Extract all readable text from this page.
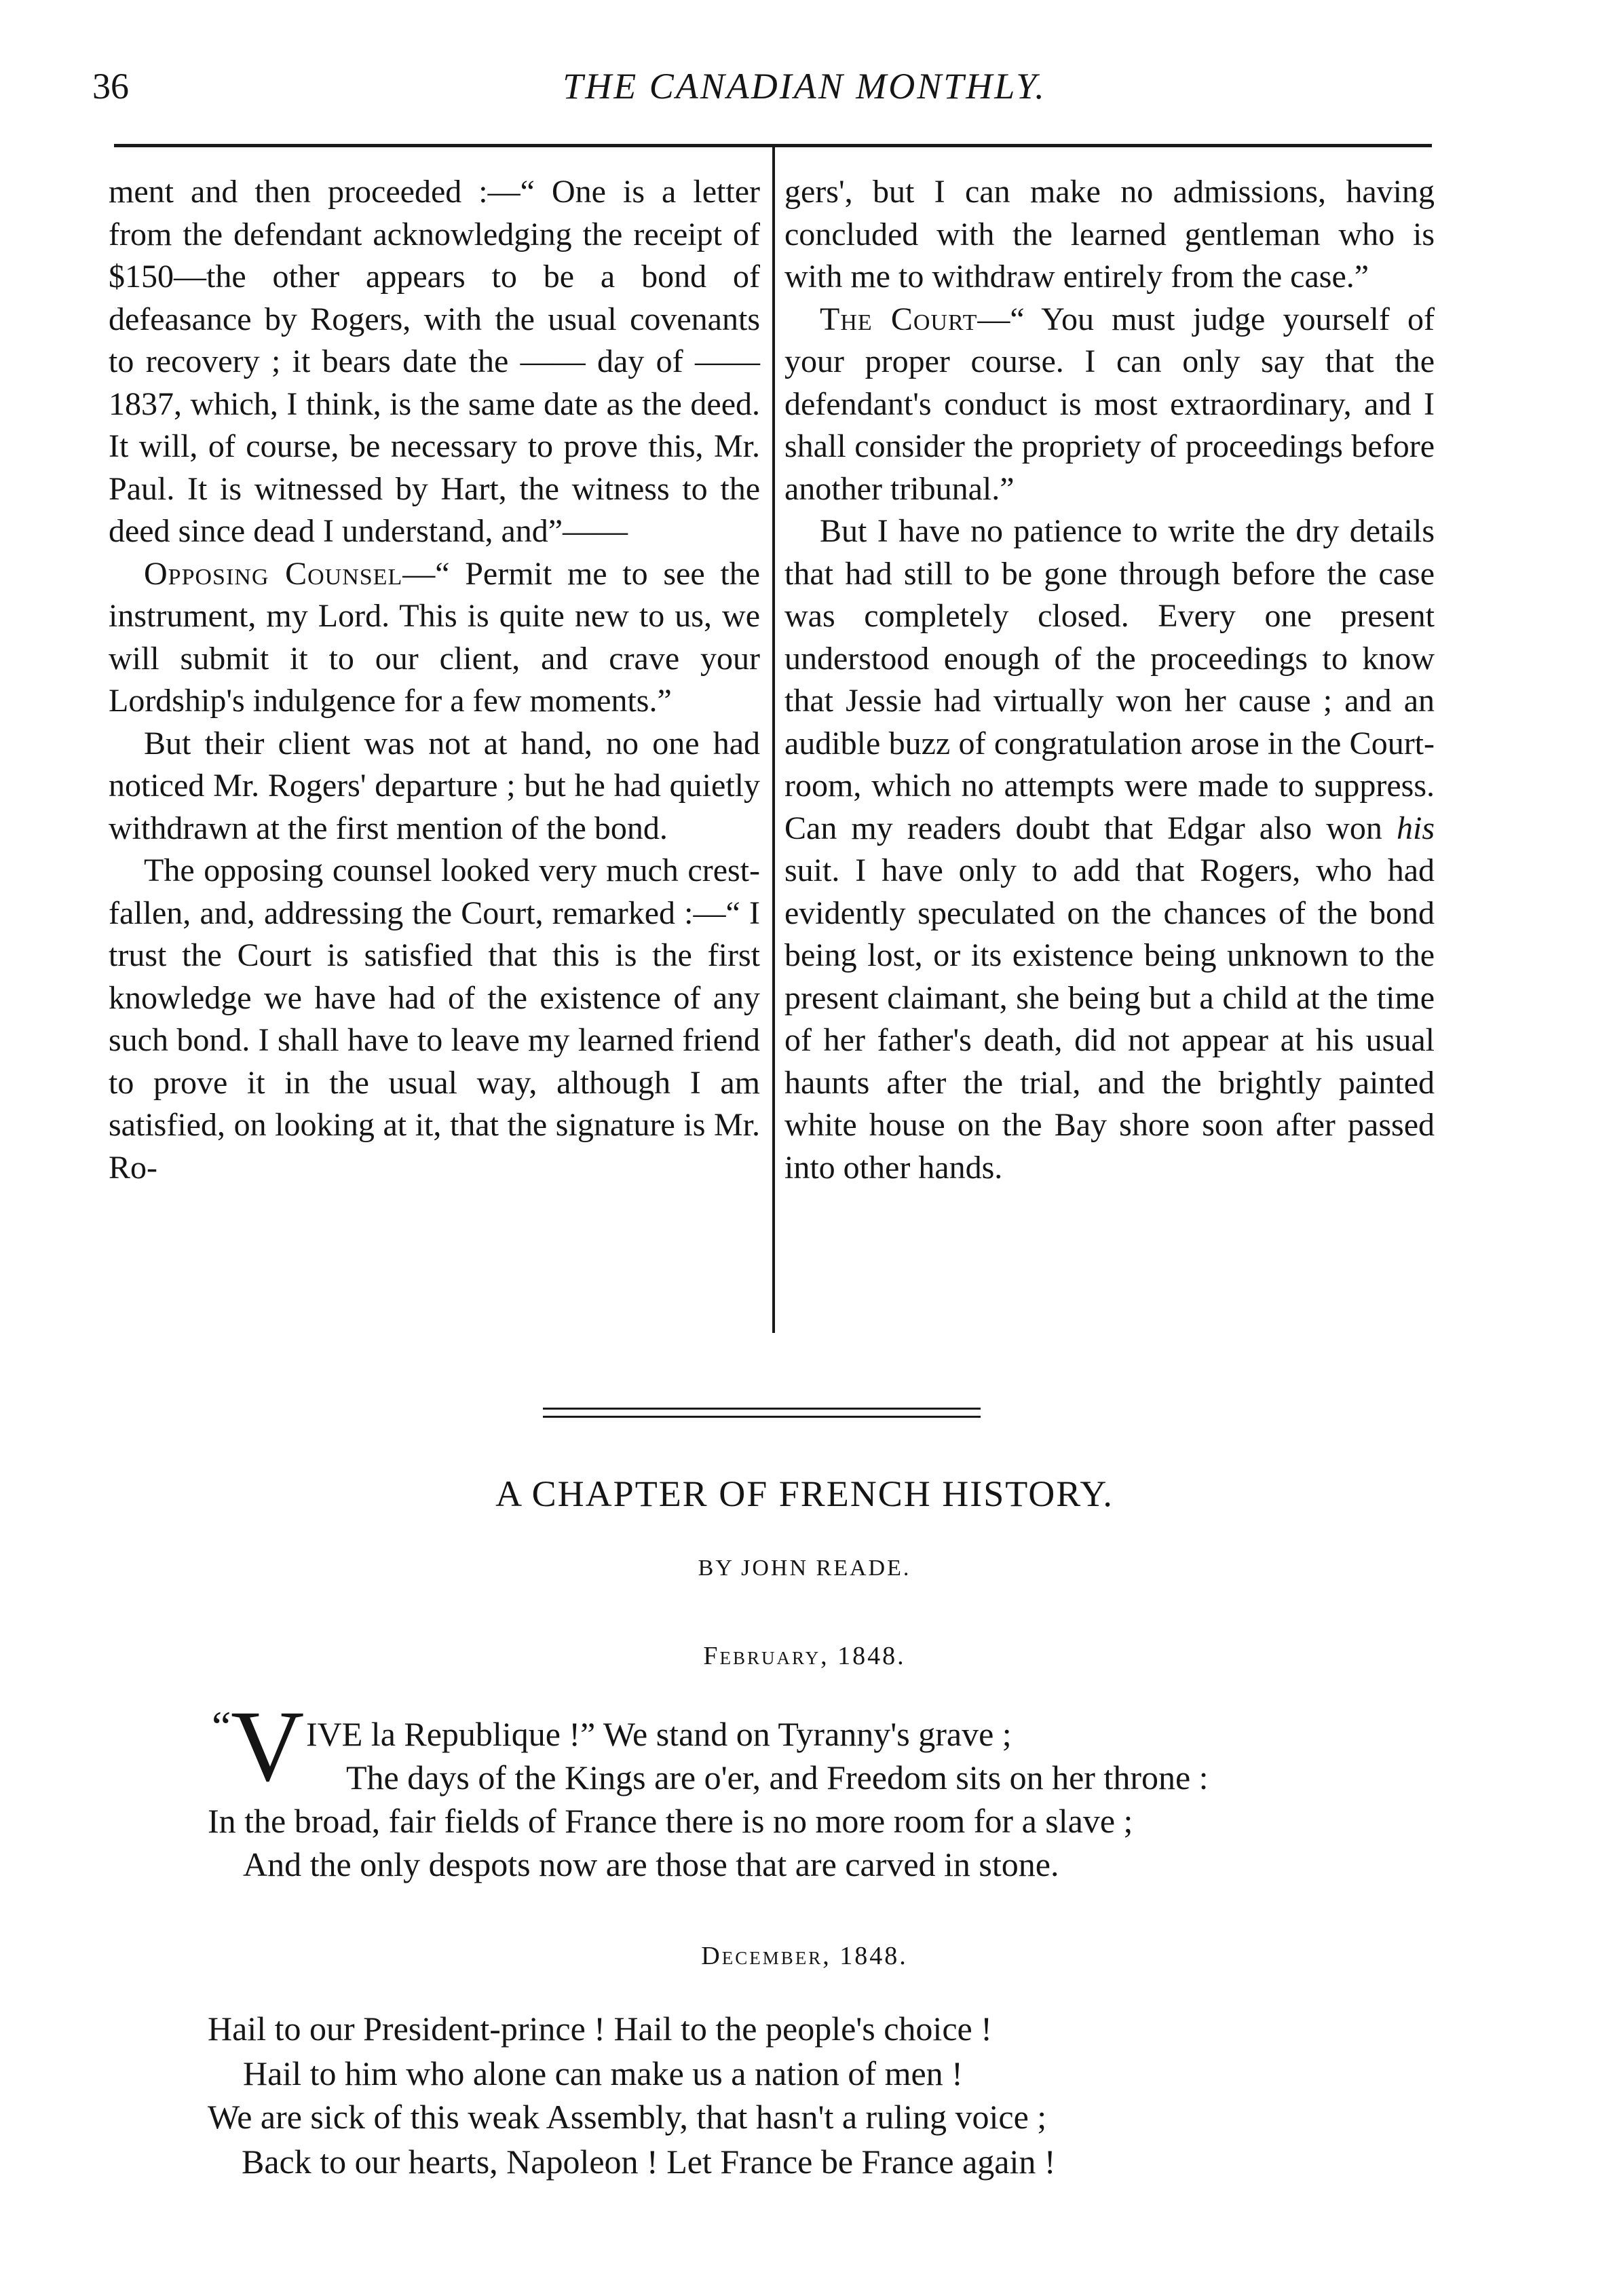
36	THE CANADIAN MONTHLY.

ment and then proceeded :—“ One is a letter from the defendant acknowledging the receipt of $150—the other appears to be a bond of defeasance by Rogers, with the usual covenants to recovery ; it bears date the —— day of —— 1837, which, I think, is the same date as the deed. It will, of course, be necessary to prove this, Mr. Paul. It is witnessed by Hart, the witness to the deed since dead I understand, and”——

Opposing Counsel—“ Permit me to see the instrument, my Lord. This is quite new to us, we will submit it to our client, and crave your Lordship's indulgence for a few moments.”

But their client was not at hand, no one had noticed Mr. Rogers' departure ; but he had quietly withdrawn at the first mention of the bond.

The opposing counsel looked very much crest-fallen, and, addressing the Court, remarked :—“ I trust the Court is satisfied that this is the first knowledge we have had of the existence of any such bond. I shall have to leave my learned friend to prove it in the usual way, although I am satisfied, on looking at it, that the signature is Mr. Ro-

gers', but I can make no admissions, having concluded with the learned gentleman who is with me to withdraw entirely from the case.”

The Court—“ You must judge yourself of your proper course. I can only say that the defendant's conduct is most extraordinary, and I shall consider the propriety of proceedings before another tribunal.”

But I have no patience to write the dry details that had still to be gone through before the case was completely closed. Every one present understood enough of the proceedings to know that Jessie had virtually won her cause ; and an audible buzz of congratulation arose in the Court-room, which no attempts were made to suppress. Can my readers doubt that Edgar also won his suit. I have only to add that Rogers, who had evidently speculated on the chances of the bond being lost, or its existence being unknown to the present claimant, she being but a child at the time of her father's death, did not appear at his usual haunts after the trial, and the brightly painted white house on the Bay shore soon after passed into other hands.

A CHAPTER OF FRENCH HISTORY.
BY JOHN READE.
February, 1848.
“ V IVE la Republique !” We stand on Tyranny's grave ;
The days of the Kings are o'er, and Freedom sits on her throne :
In the broad, fair fields of France there is no more room for a slave ;
And the only despots now are those that are carved in stone.
December, 1848.
Hail to our President-prince ! Hail to the people's choice !
Hail to him who alone can make us a nation of men !
We are sick of this weak Assembly, that hasn't a ruling voice ;
Back to our hearts, Napoleon ! Let France be France again !
